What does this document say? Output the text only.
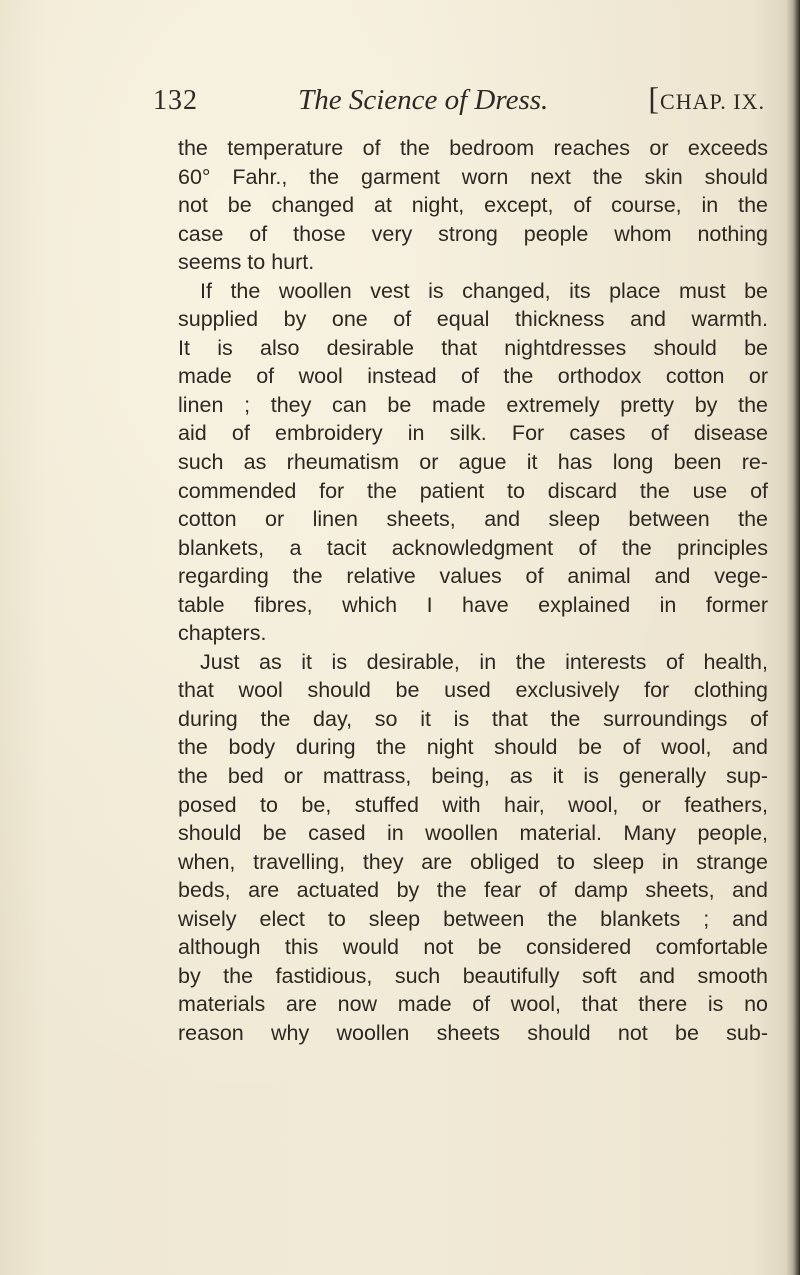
132	The Science of Dress.	[CHAP. IX.
the temperature of the bedroom reaches or exceeds
60° Fahr., the garment worn next the skin should
not be changed at night, except, of course, in the
case of those very strong people whom nothing
seems to hurt.
If the woollen vest is changed, its place must be
supplied by one of equal thickness and warmth.
It is also desirable that nightdresses should be
made of wool instead of the orthodox cotton or
linen ; they can be made extremely pretty by the
aid of embroidery in silk. For cases of disease
such as rheumatism or ague it has long been re-
commended for the patient to discard the use of
cotton or linen sheets, and sleep between the
blankets, a tacit acknowledgment of the principles
regarding the relative values of animal and vege-
table fibres, which I have explained in former
chapters.
Just as it is desirable, in the interests of health,
that wool should be used exclusively for clothing
during the day, so it is that the surroundings of
the body during the night should be of wool, and
the bed or mattrass, being, as it is generally sup-
posed to be, stuffed with hair, wool, or feathers,
should be cased in woollen material. Many people,
when, travelling, they are obliged to sleep in strange
beds, are actuated by the fear of damp sheets, and
wisely elect to sleep between the blankets ; and
although this would not be considered comfortable
by the fastidious, such beautifully soft and smooth
materials are now made of wool, that there is no
reason why woollen sheets should not be sub-
